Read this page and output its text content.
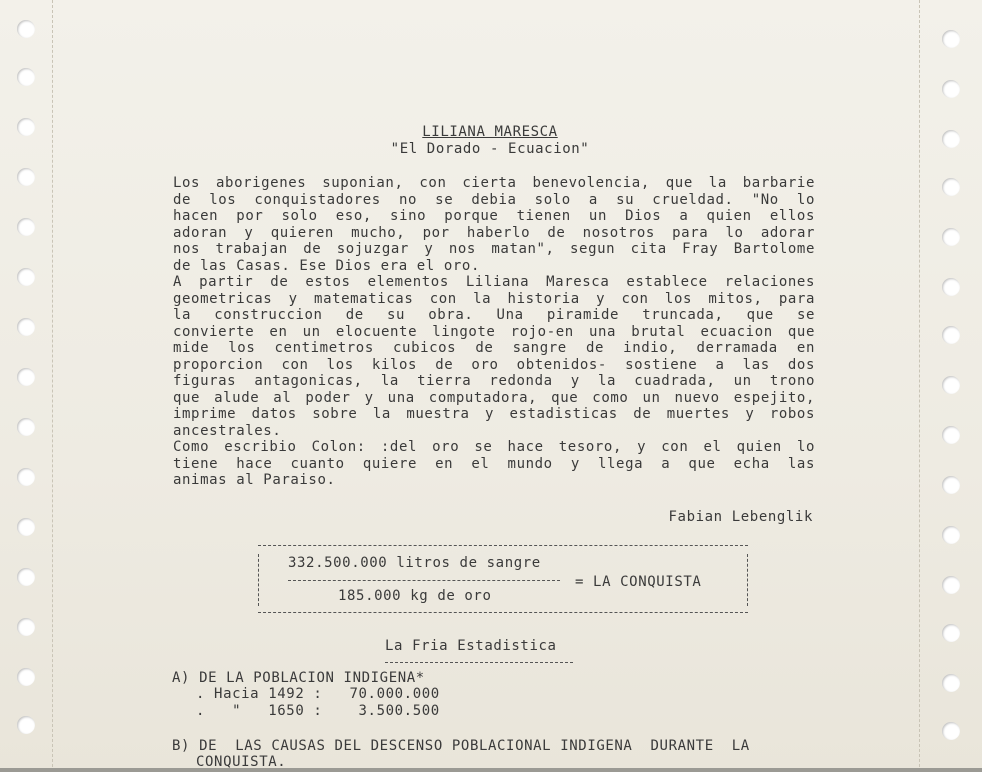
LILIANA MARESCA
"El Dorado - Ecuacion"
Los aborigenes suponian, con cierta benevolencia, que la barbarie
de los conquistadores no se debia solo a su crueldad. "No lo
hacen por solo eso, sino porque tienen un Dios a quien ellos
adoran y quieren mucho, por haberlo de nosotros para lo adorar
nos trabajan de sojuzgar y nos matan", segun cita Fray Bartolome
de las Casas. Ese Dios era el oro.
A partir de estos elementos Liliana Maresca establece relaciones
geometricas y matematicas con la historia y con los mitos, para
la construccion de su obra. Una piramide truncada, que se
convierte en un elocuente lingote rojo-en una brutal ecuacion que
mide los centimetros cubicos de sangre de indio, derramada en
proporcion con los kilos de oro obtenidos- sostiene a las dos
figuras antagonicas, la tierra redonda y la cuadrada, un trono
que alude al poder y una computadora, que como un nuevo espejito,
imprime datos sobre la muestra y estadisticas de muertes y robos
ancestrales.
Como escribio Colon: :del oro se hace tesoro, y con el quien lo
tiene hace cuanto quiere en el mundo y llega a que echa las
animas al Paraiso.
Fabian Lebenglik
332.500.000 litros de sangre
= LA CONQUISTA
185.000 kg de oro
La Fria Estadistica
A) DE LA POBLACION INDIGENA*
. Hacia 1492 :   70.000.000
.   "   1650 :    3.500.500
B) DE  LAS CAUSAS DEL DESCENSO POBLACIONAL INDIGENA  DURANTE  LA
CONQUISTA.
